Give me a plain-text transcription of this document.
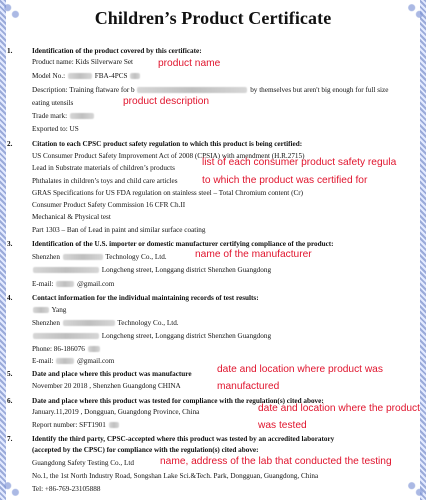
Children’s Product Certificate
1.	Identification of the product covered by this certificate:
Product name: Kids Silverware Set
Model No.:	FBA-4PCS
Description: Training flatware for b	by themselves but aren't big enough for full size
eating utensils
Trade mark:
Exported to: US
2.	Citation to each CPSC product safety regulation to which this product is being certified:
US Consumer Product Safety Improvement Act of 2008 (CPSIA) with amendment (H.R.2715)
Lead in Substrate materials of children’s products
Phthalates in children’s toys and child care articles
GRAS Specifications for US FDA regulation on stainless steel – Total Chromium content (Cr)
Consumer Product Safety Commission 16 CFR Ch.II
Mechanical & Physical test
Part 1303 – Ban of Lead in paint and similar surface coating
3.	Identification of the U.S. importer or domestic manufacturer certifying compliance of the product:
Shenzhen	Technology Co., Ltd.
Longcheng street, Longgang district Shenzhen Guangdong
E-mail:	@gmail.com
4.	Contact information for the individual maintaining records of test results:
Yang
Shenzhen	Technology Co., Ltd.
Longcheng street, Longgang district Shenzhen Guangdong
Phone: 86-186076
E-mail:	@gmail.com
5.	Date and place where this product was manufacture
November 20 2018 , Shenzhen Guangdong CHINA
6.	Date and place where this product was tested for compliance with the regulation(s) cited above:
January.11,2019 , Dongguan, Guangdong Province, China
Report number: SFT1901
7.	Identify the third party, CPSC-accepted where this product was tested by an accredited laboratory
(accepted by the CPSC) for compliance with the regulation(s) cited above:
Guangdong Safety Testing Co., Ltd
No.1, the 1st North Industry Road, Songshan Lake Sci.&Tech. Park, Dongguan, Guangdong, China
Tel: +86-769-23105888
product name
product description
list of each consumer product safety regula
to which the product was certified for
name of the manufacturer
date and location where product was
manufactured
date and location where the product
was tested
name, address of the lab that conducted the testing
